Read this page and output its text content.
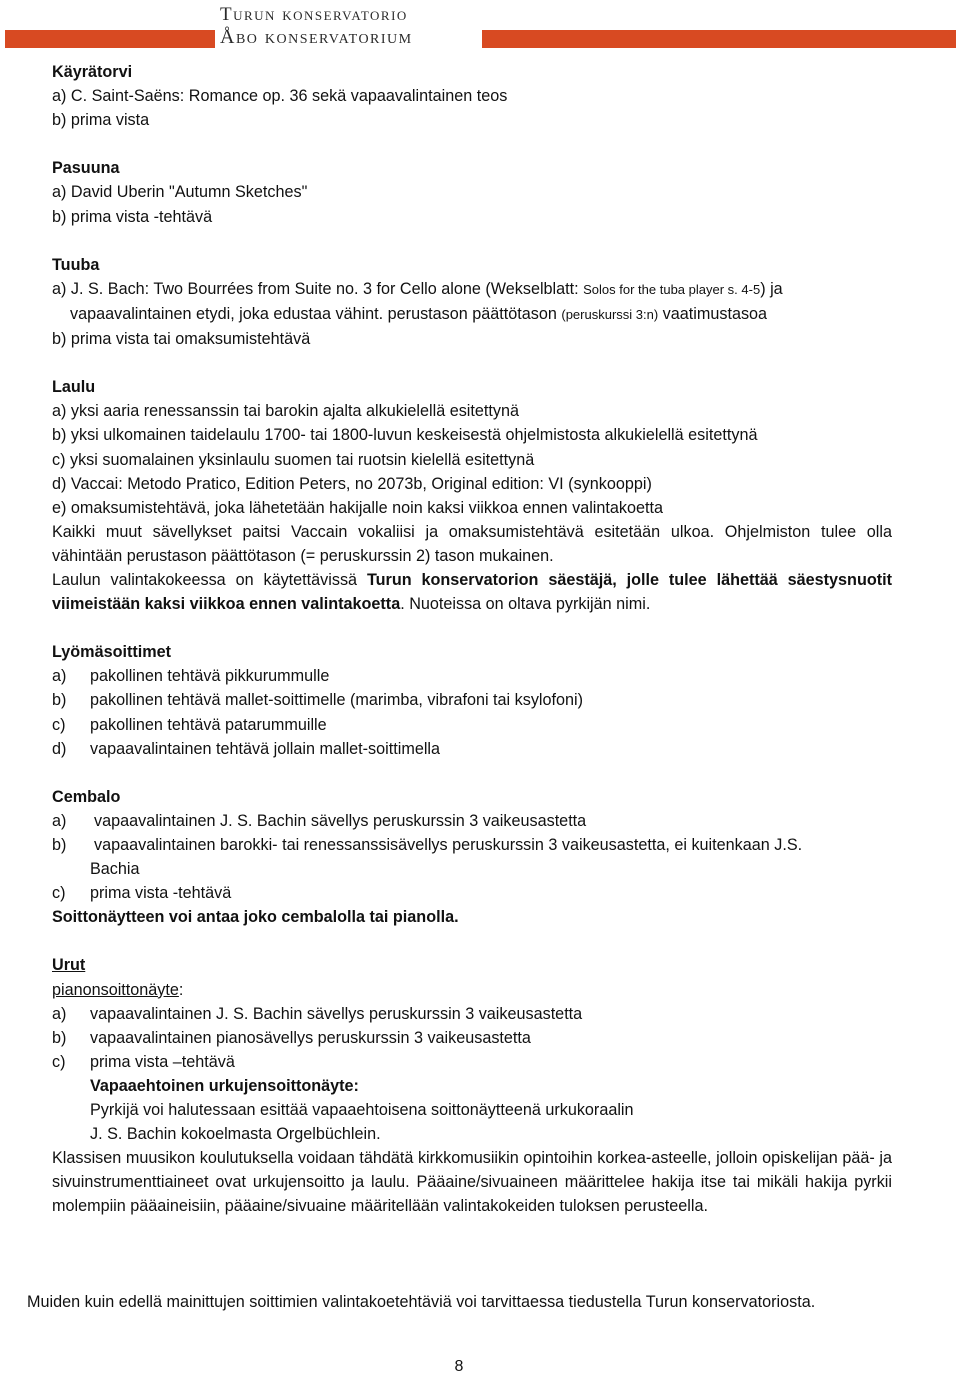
Turun konservatorio
Åbo konservatorium
Käyrätorvi
a) C. Saint-Saëns: Romance op. 36 sekä vapaavalintainen teos
b) prima vista
Pasuuna
a) David Uberin "Autumn Sketches"
b) prima vista -tehtävä
Tuuba
a) J. S. Bach: Two Bourrées from Suite no. 3 for Cello alone (Wekselblatt: Solos for the tuba player s. 4-5) ja
vapaavalintainen etydi, joka edustaa vähint. perustason päättötason (peruskurssi 3:n) vaatimustasoa
b) prima vista tai omaksumistehtävä
Laulu
a) yksi aaria renessanssin tai barokin ajalta alkukielellä esitettynä
b) yksi ulkomainen taidelaulu 1700- tai 1800-luvun keskeisestä ohjelmistosta alkukielellä esitettynä
c) yksi suomalainen yksinlaulu suomen tai ruotsin kielellä esitettynä
d) Vaccai: Metodo Pratico, Edition Peters, no 2073b, Original edition: VI (synkooppi)
e) omaksumistehtävä, joka lähetetään hakijalle noin kaksi viikkoa ennen valintakoetta
Kaikki muut sävellykset paitsi Vaccain vokaliisi ja omaksumistehtävä esitetään ulkoa. Ohjelmiston tulee olla vähintään perustason päättötason (= peruskurssin 2) tason mukainen.
Laulun valintakokeessa on käytettävissä Turun konservatorion säestäjä, jolle tulee lähettää säestysnuotit viimeistään kaksi viikkoa ennen valintakoetta. Nuoteissa on oltava pyrkijän nimi.
Lyömäsoittimet
a) pakollinen tehtävä pikkurummulle
b) pakollinen tehtävä mallet-soittimelle (marimba, vibrafoni tai ksylofoni)
c) pakollinen tehtävä patarummuille
d) vapaavalintainen tehtävä jollain mallet-soittimella
Cembalo
a) vapaavalintainen J. S. Bachin sävellys peruskurssin 3 vaikeusastetta
b) vapaavalintainen barokki- tai renessanssisävellys peruskurssin 3 vaikeusastetta, ei kuitenkaan J.S.
Bachia
c) prima vista -tehtävä
Soittonäytteen voi antaa joko cembalolla tai pianolla.
Urut
pianonsoittonäyte:
a) vapaavalintainen J. S. Bachin sävellys peruskurssin 3 vaikeusastetta
b) vapaavalintainen pianosävellys peruskurssin 3 vaikeusastetta
c) prima vista –tehtävä
Vapaaehtoinen urkujensoittonäyte:
Pyrkijä voi halutessaan esittää vapaaehtoisena soittonäytteenä urkukoraalin
J. S. Bachin kokoelmasta Orgelbüchlein.
Klassisen muusikon koulutuksella voidaan tähdätä kirkkomusiikin opintoihin korkea-asteelle, jolloin opiskelijan pää- ja sivuinstrumenttiaineet ovat urkujensoitto ja laulu. Pääaine/sivuaineen määrittelee hakija itse tai mikäli hakija pyrkii molempiin pääaineisiin, pääaine/sivuaine määritellään valintakokeiden tuloksen perusteella.
Muiden kuin edellä mainittujen soittimien valintakoetehtäviä voi tarvittaessa tiedustella Turun konservatoriosta.
8
